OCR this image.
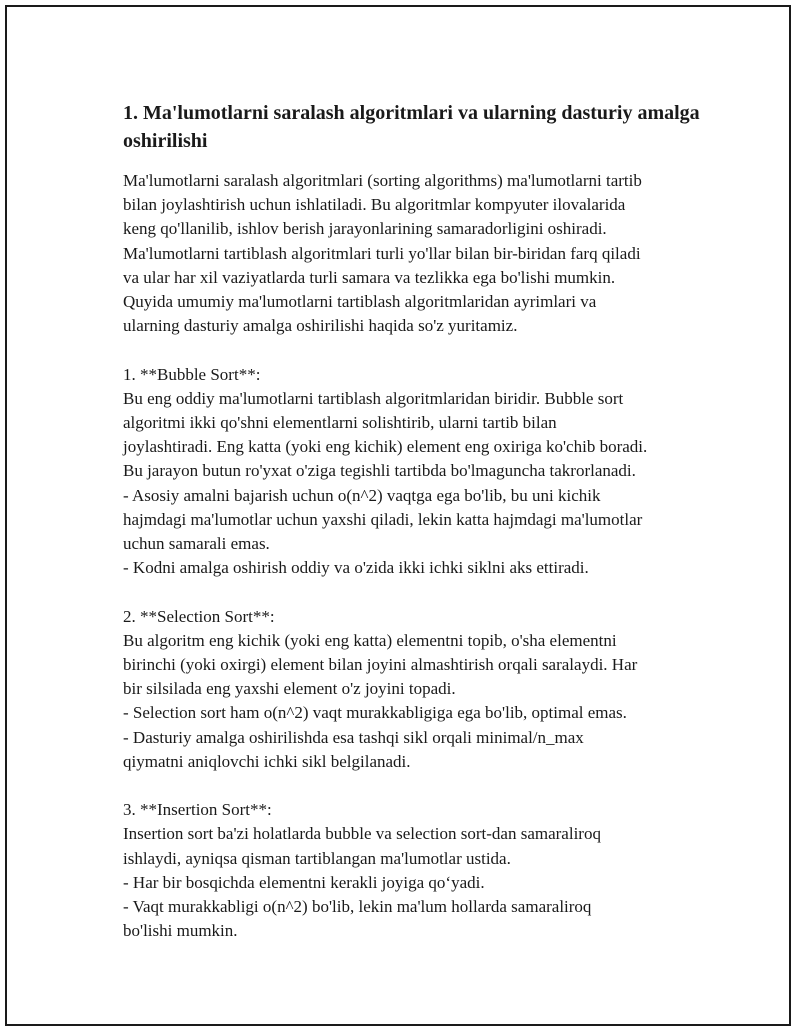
1. Ma'lumotlarni saralash algoritmlari va ularning dasturiy amalga oshirilishi

Ma'lumotlarni saralash algoritmlari (sorting algorithms) ma'lumotlarni tartib
bilan joylashtirish uchun ishlatiladi. Bu algoritmlar kompyuter ilovalarida
keng qo'llanilib, ishlov berish jarayonlarining samaradorligini oshiradi.
Ma'lumotlarni tartiblash algoritmlari turli yo'llar bilan bir-biridan farq qiladi
va ular har xil vaziyatlarda turli samara va tezlikka ega bo'lishi mumkin.
Quyida umumiy ma'lumotlarni tartiblash algoritmlaridan ayrimlari va
ularning dasturiy amalga oshirilishi haqida so'z yuritamiz.

1. **Bubble Sort**:
Bu eng oddiy ma'lumotlarni tartiblash algoritmlaridan biridir. Bubble sort
algoritmi ikki qo'shni elementlarni solishtirib, ularni tartib bilan
joylashtiradi. Eng katta (yoki eng kichik) element eng oxiriga ko'chib boradi.
Bu jarayon butun ro'yxat o'ziga tegishli tartibda bo'lmaguncha takrorlanadi.
- Asosiy amalni bajarish uchun o(n^2) vaqtga ega bo'lib, bu uni kichik
hajmdagi ma'lumotlar uchun yaxshi qiladi, lekin katta hajmdagi ma'lumotlar
uchun samarali emas.
- Kodni amalga oshirish oddiy va o'zida ikki ichki siklni aks ettiradi.

2. **Selection Sort**:
Bu algoritm eng kichik (yoki eng katta) elementni topib, o'sha elementni
birinchi (yoki oxirgi) element bilan joyini almashtirish orqali saralaydi. Har
bir silsilada eng yaxshi element o'z joyini topadi.
- Selection sort ham o(n^2) vaqt murakkabligiga ega bo'lib, optimal emas.
- Dasturiy amalga oshirilishda esa tashqi sikl orqali minimal/n_max
qiymatni aniqlovchi ichki sikl belgilanadi.

3. **Insertion Sort**:
Insertion sort ba'zi holatlarda bubble va selection sort-dan samaraliroq
ishlaydi, ayniqsa qisman tartiblangan ma'lumotlar ustida.
- Har bir bosqichda elementni kerakli joyiga qo‘yadi.
- Vaqt murakkabligi o(n^2) bo'lib, lekin ma'lum hollarda samaraliroq
bo'lishi mumkin.
